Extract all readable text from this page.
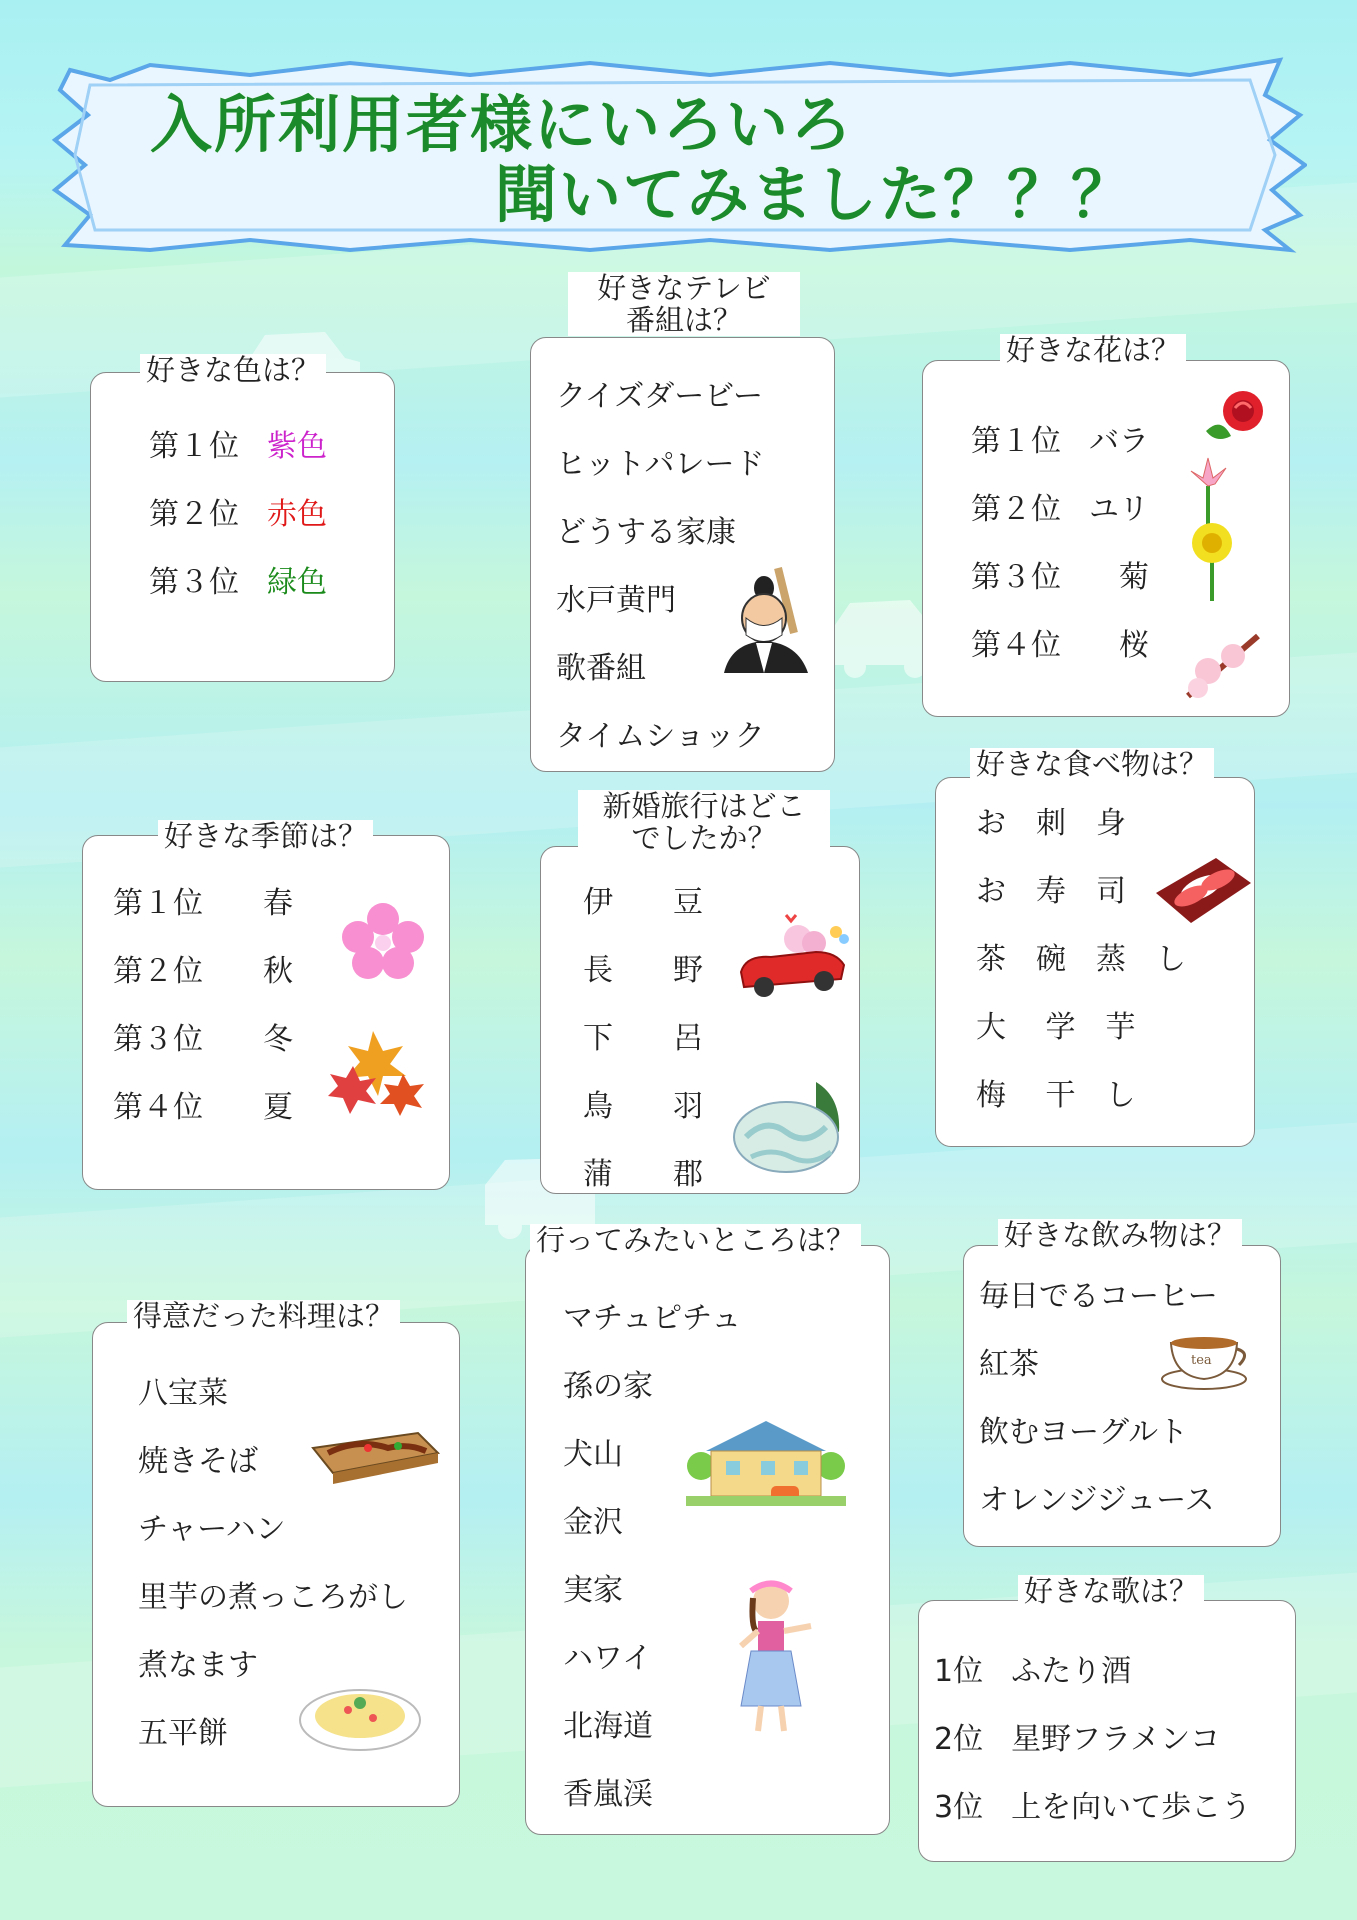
入所利用者様にいろいろ
聞いてみました？？？
第１位 紫色
第２位 赤色
第３位 緑色
好きな色は？
クイズダービー
ヒットパレード
どうする家康
水戸黄門
歌番組
タイムショック
好きなテレビ
番組は？
第１位 バラ
第２位 ユリ
第３位 菊
第４位 桜
好きな花は？
第１位 春
第２位 秋
第３位 冬
第４位 夏
好きな季節は？
伊 豆
長 野
下 呂
鳥 羽
蒲 郡
新婚旅行はどこ
でしたか？	お　刺　身
お　寿　司
茶　碗　蒸　し
大　 学　芋
梅　 干　し
好きな食べ物は？
八宝菜
焼きそば
チャーハン
里芋の煮っころがし
煮なます
五平餅
得意だった料理は？	マチュピチュ
孫の家
犬山
金沢
実家
ハワイ
北海道
香嵐渓
行ってみたいところは？
毎日でるコーヒー
紅茶
飲むヨーグルト
オレンジジュース
tea
好きな飲み物は？
1位 ふたり酒
2位 星野フラメンコ
3位 上を向いて歩こう
好きな歌は？
